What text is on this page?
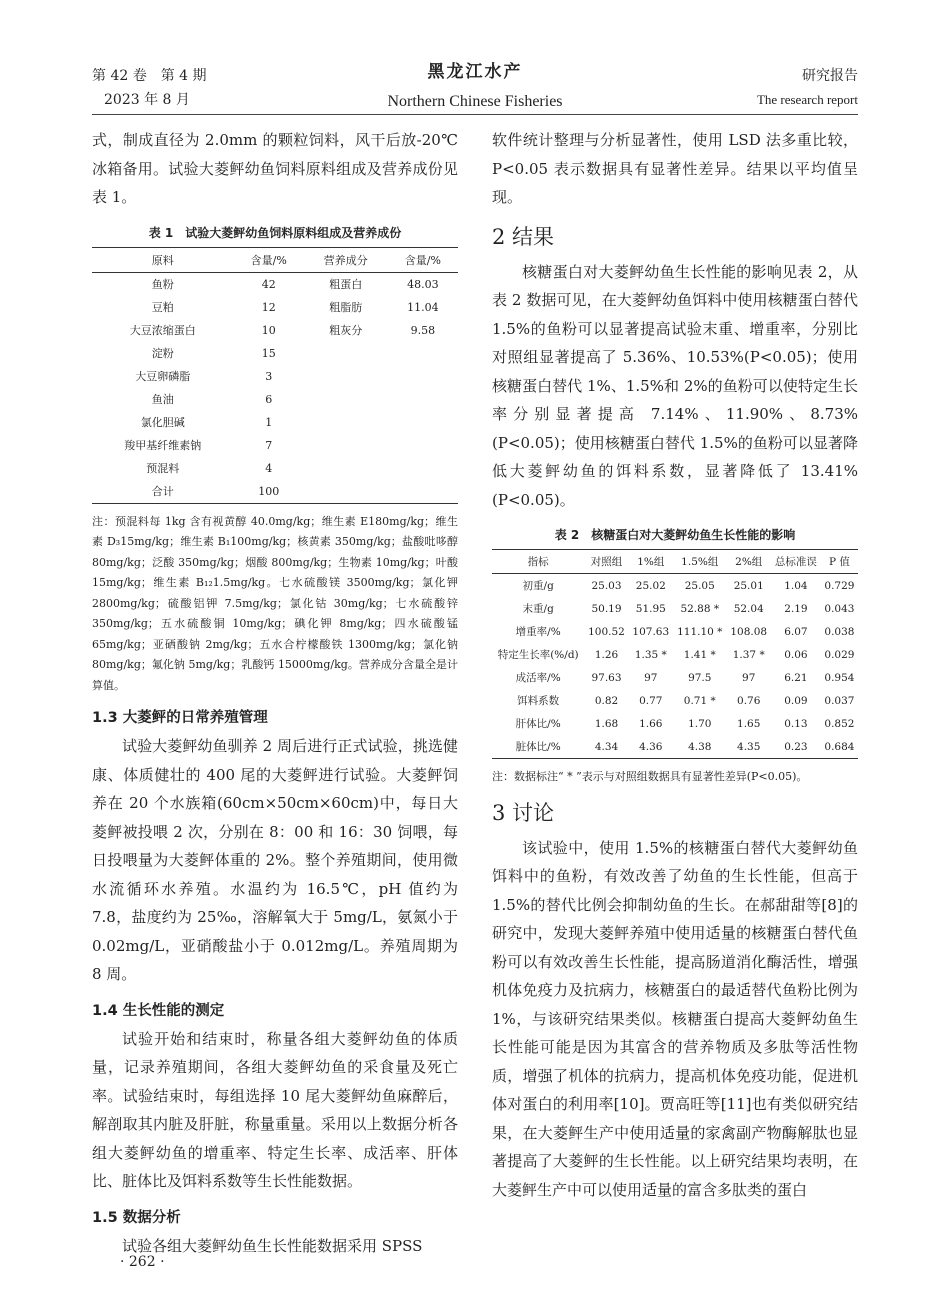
第 42 卷　第 4 期
2023 年 8 月
黑龙江水产
Northern Chinese Fisheries
研究报告
The research report

式，制成直径为 2.0mm 的颗粒饲料，风干后放-20℃冰箱备用。试验大菱鲆幼鱼饲料原料组成及营养成份见表 1。

表 1　试验大菱鲆幼鱼饲料原料组成及营养成份
原料	含量/%	营养成分	含量/%
鱼粉	42	粗蛋白	48.03
豆粕	12	粗脂肪	11.04
大豆浓缩蛋白	10	粗灰分	9.58
淀粉	15		
大豆卵磷脂	3		
鱼油	6		
氯化胆碱	1		
羧甲基纤维素钠	7		
预混料	4		
合计	100		
注：预混料每 1kg 含有视黄醇 40.0mg/kg；维生素 E180mg/kg；维生素 D₃15mg/kg；维生素 B₁100mg/kg；核黄素 350mg/kg；盐酸吡哆醇 80mg/kg；泛酸 350mg/kg；烟酸 800mg/kg；生物素 10mg/kg；叶酸 15mg/kg；维生素 B₁₂1.5mg/kg。七水硫酸镁 3500mg/kg；氯化钾 2800mg/kg；硫酸铝钾 7.5mg/kg；氯化钴 30mg/kg；七水硫酸锌 350mg/kg；五水硫酸铜 10mg/kg；碘化钾 8mg/kg；四水硫酸锰 65mg/kg；亚硒酸钠 2mg/kg；五水合柠檬酸铁 1300mg/kg；氯化钠 80mg/kg；氟化钠 5mg/kg；乳酸钙 15000mg/kg。营养成分含量全是计算值。
1.3 大菱鲆的日常养殖管理

试验大菱鲆幼鱼驯养 2 周后进行正式试验，挑选健康、体质健壮的 400 尾的大菱鲆进行试验。大菱鲆饲养在 20 个水族箱(60cm×50cm×60cm)中，每日大菱鲆被投喂 2 次，分别在 8：00 和 16：30 饲喂，每日投喂量为大菱鲆体重的 2%。整个养殖期间，使用微水流循环水养殖。水温约为 16.5℃，pH 值约为 7.8，盐度约为 25‰，溶解氧大于 5mg/L，氨氮小于 0.02mg/L，亚硝酸盐小于 0.012mg/L。养殖周期为 8 周。

1.4 生长性能的测定

试验开始和结束时，称量各组大菱鲆幼鱼的体质量，记录养殖期间，各组大菱鲆幼鱼的采食量及死亡率。试验结束时，每组选择 10 尾大菱鲆幼鱼麻醉后，解剖取其内脏及肝脏，称量重量。采用以上数据分析各组大菱鲆幼鱼的增重率、特定生长率、成活率、肝体比、脏体比及饵料系数等生长性能数据。

1.5 数据分析

试验各组大菱鲆幼鱼生长性能数据采用 SPSS

软件统计整理与分析显著性，使用 LSD 法多重比较，P<0.05 表示数据具有显著性差异。结果以平均值呈现。

2 结果

核糖蛋白对大菱鲆幼鱼生长性能的影响见表 2，从表 2 数据可见，在大菱鲆幼鱼饵料中使用核糖蛋白替代 1.5%的鱼粉可以显著提高试验末重、增重率，分别比对照组显著提高了 5.36%、10.53%(P<0.05)；使用核糖蛋白替代 1%、1.5%和 2%的鱼粉可以使特定生长率分别显著提高 7.14%、11.90%、8.73%(P<0.05)；使用核糖蛋白替代 1.5%的鱼粉可以显著降低大菱鲆幼鱼的饵料系数，显著降低了 13.41%(P<0.05)。

表 2　核糖蛋白对大菱鲆幼鱼生长性能的影响
指标	对照组	1%组	1.5%组	2%组	总标准误	P 值
初重/g	25.03	25.02	25.05	25.01	1.04	0.729
末重/g	50.19	51.95	52.88 *	52.04	2.19	0.043
增重率/%	100.52	107.63	111.10 *	108.08	6.07	0.038
特定生长率(%/d)	1.26	1.35 *	1.41 *	1.37 *	0.06	0.029
成活率/%	97.63	97	97.5	97	6.21	0.954
饵料系数	0.82	0.77	0.71 *	0.76	0.09	0.037
肝体比/%	1.68	1.66	1.70	1.65	0.13	0.852
脏体比/%	4.34	4.36	4.38	4.35	0.23	0.684
注：数据标注“ * ”表示与对照组数据具有显著性差异(P<0.05)。
3 讨论

该试验中，使用 1.5%的核糖蛋白替代大菱鲆幼鱼饵料中的鱼粉，有效改善了幼鱼的生长性能，但高于 1.5%的替代比例会抑制幼鱼的生长。在郝甜甜等[8]的研究中，发现大菱鲆养殖中使用适量的核糖蛋白替代鱼粉可以有效改善生长性能，提高肠道消化酶活性，增强机体免疫力及抗病力，核糖蛋白的最适替代鱼粉比例为 1%，与该研究结果类似。核糖蛋白提高大菱鲆幼鱼生长性能可能是因为其富含的营养物质及多肽等活性物质，增强了机体的抗病力，提高机体免疫功能，促进机体对蛋白的利用率[10]。贾高旺等[11]也有类似研究结果，在大菱鲆生产中使用适量的家禽副产物酶解肽也显著提高了大菱鲆的生长性能。以上研究结果均表明，在大菱鲆生产中可以使用适量的富含多肽类的蛋白

· 262 ·
